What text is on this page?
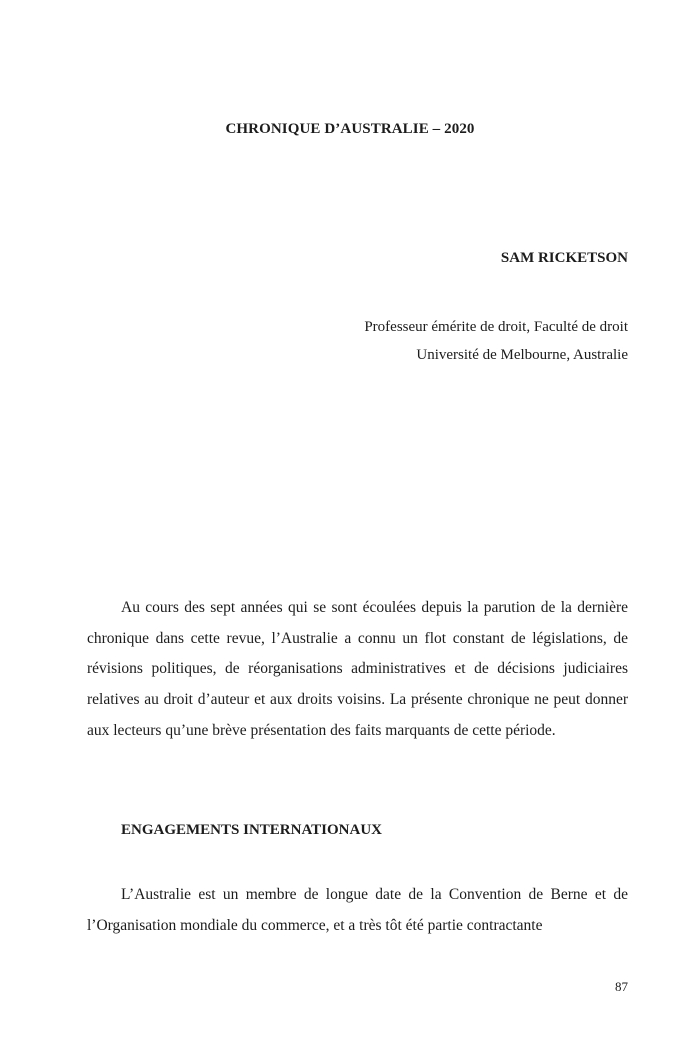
CHRONIQUE D’AUSTRALIE – 2020

SAM RICKETSON

Professeur émérite de droit, Faculté de droit
Université de Melbourne, Australie

Au cours des sept années qui se sont écoulées depuis la parution de la dernière chronique dans cette revue, l’Australie a connu un flot constant de législations, de révisions politiques, de réorganisations administratives et de décisions judiciaires relatives au droit d’auteur et aux droits voisins. La présente chronique ne peut donner aux lecteurs qu’une brève présentation des faits marquants de cette période.

ENGAGEMENTS INTERNATIONAUX

L’Australie est un membre de longue date de la Convention de Berne et de l’Organisation mondiale du commerce, et a très tôt été partie contractante

87
